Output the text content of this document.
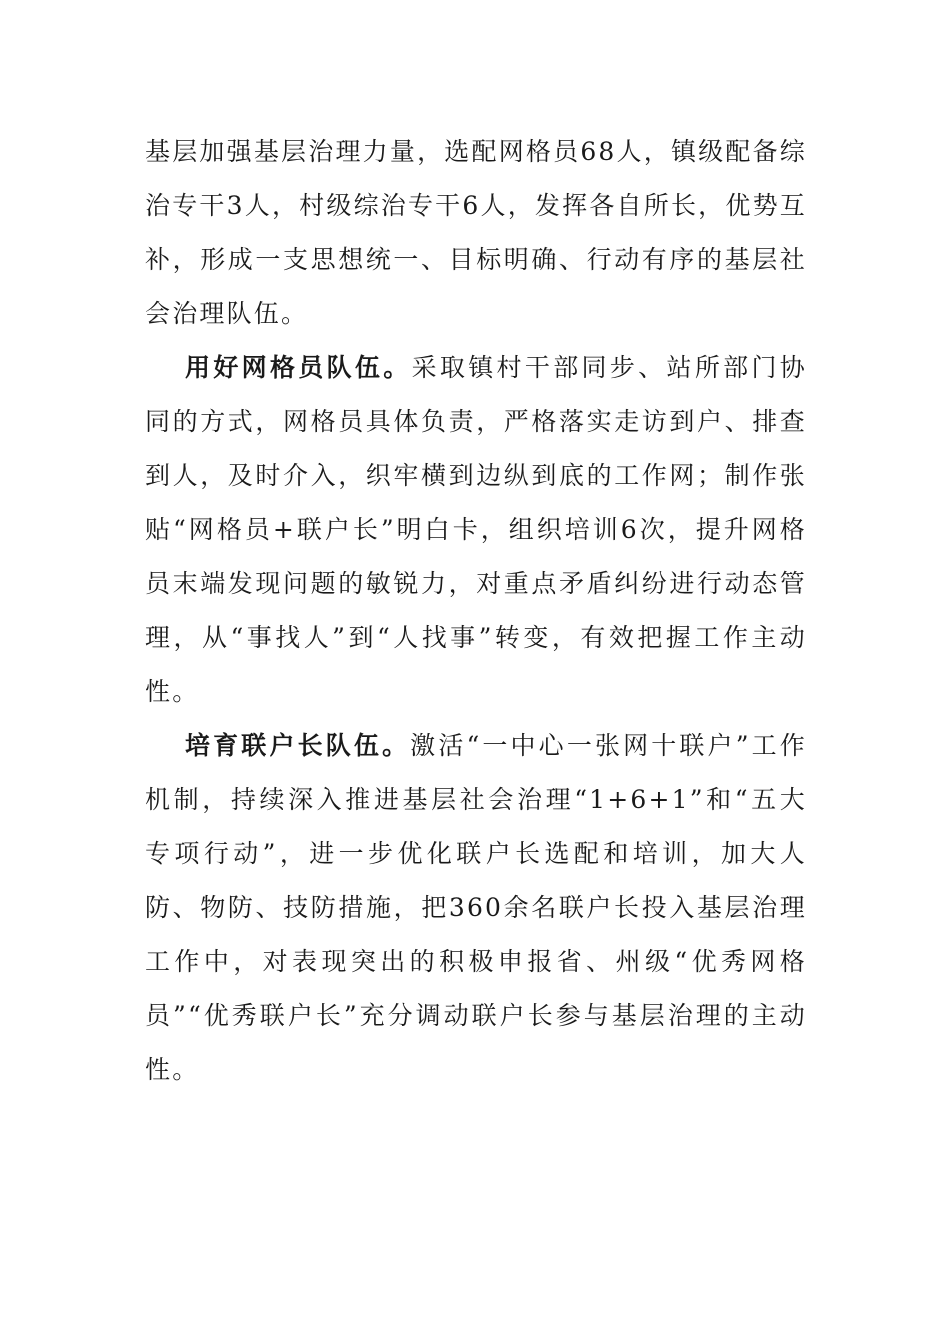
基层加强基层治理力量，选配网格员68人，镇级配备综治专干3人，村级综治专干6人，发挥各自所长，优势互补，形成一支思想统一、目标明确、行动有序的基层社会治理队伍。

用好网格员队伍。采取镇村干部同步、站所部门协同的方式，网格员具体负责，严格落实走访到户、排查到人，及时介入，织牢横到边纵到底的工作网；制作张贴“网格员+联户长”明白卡，组织培训6次，提升网格员末端发现问题的敏锐力，对重点矛盾纠纷进行动态管理，从“事找人”到“人找事”转变，有效把握工作主动性。

培育联户长队伍。激活“一中心一张网十联户”工作机制，持续深入推进基层社会治理“1+6+1”和“五大专项行动”，进一步优化联户长选配和培训，加大人防、物防、技防措施，把360余名联户长投入基层治理工作中，对表现突出的积极申报省、州级“优秀网格员”“优秀联户长”充分调动联户长参与基层治理的主动性。
